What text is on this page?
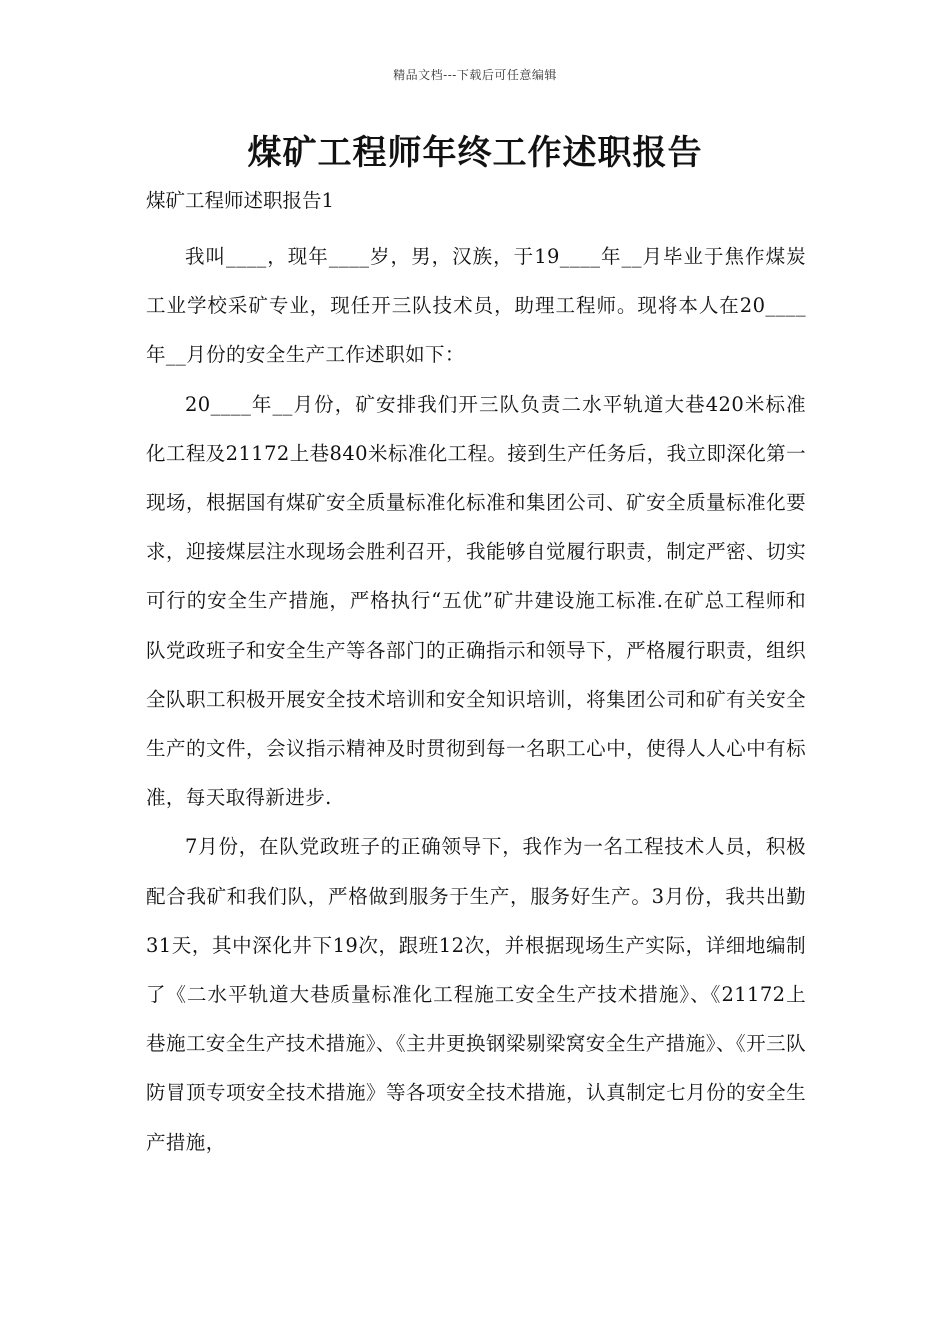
精品文档---下载后可任意编辑
煤矿工程师年终工作述职报告

煤矿工程师述职报告1

我叫____，现年____岁，男，汉族，于19____年__月毕业于焦作煤炭工业学校采矿专业，现任开三队技术员，助理工程师。现将本人在20____年__月份的安全生产工作述职如下：

20____年__月份，矿安排我们开三队负责二水平轨道大巷420米标准化工程及21172上巷840米标准化工程。接到生产任务后，我立即深化第一现场，根据国有煤矿安全质量标准化标准和集团公司、矿安全质量标准化要求，迎接煤层注水现场会胜利召开，我能够自觉履行职责，制定严密、切实可行的安全生产措施，严格执行“五优”矿井建设施工标准.在矿总工程师和队党政班子和安全生产等各部门的正确指示和领导下，严格履行职责，组织全队职工积极开展安全技术培训和安全知识培训，将集团公司和矿有关安全生产的文件，会议指示精神及时贯彻到每一名职工心中，使得人人心中有标准，每天取得新进步.

7月份，在队党政班子的正确领导下，我作为一名工程技术人员，积极配合我矿和我们队，严格做到服务于生产，服务好生产。3月份，我共出勤31天，其中深化井下19次，跟班12次，并根据现场生产实际，详细地编制了《二水平轨道大巷质量标准化工程施工安全生产技术措施》、《21172上巷施工安全生产技术措施》、《主井更换钢梁剔梁窝安全生产措施》、《开三队防冒顶专项安全技术措施》等各项安全技术措施，认真制定七月份的安全生产措施，
